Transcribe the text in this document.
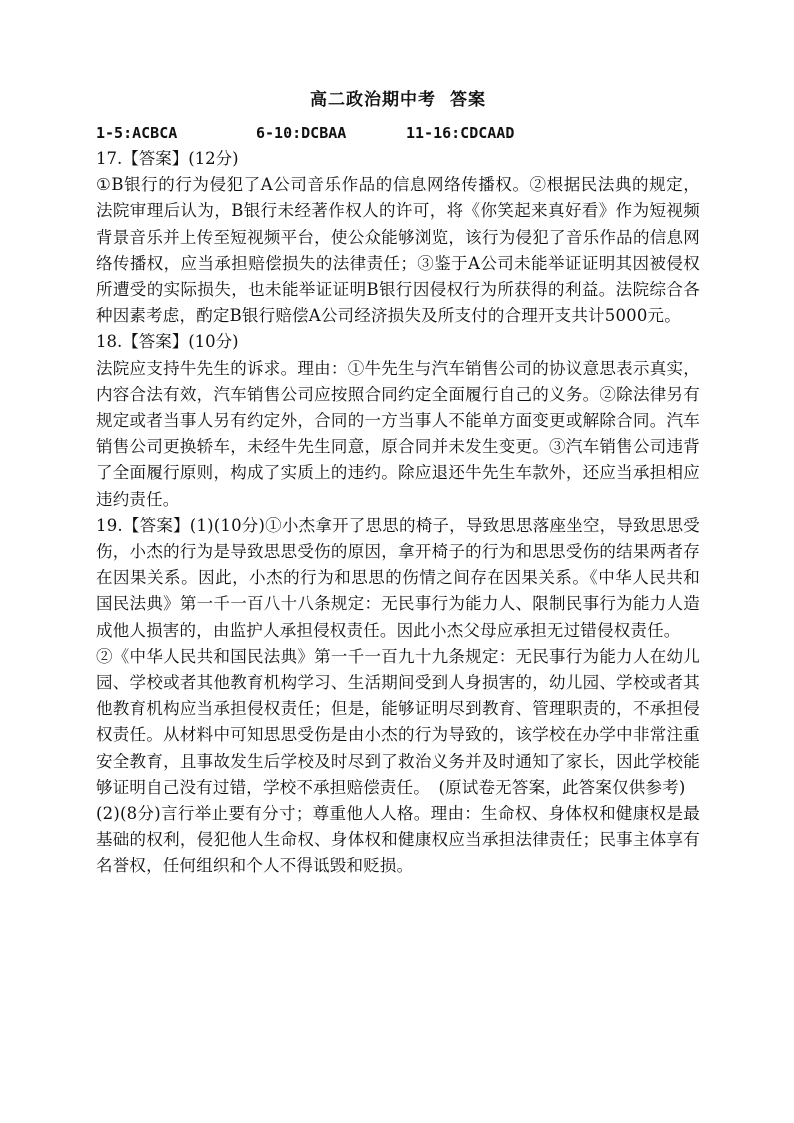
高二政治期中考 答案
1-5:ACBCA	6-10:DCBAA	11-16:CDCAAD

17.【答案】(12分)

①B银行的行为侵犯了A公司音乐作品的信息网络传播权。②根据民法典的规定，法院审理后认为，B银行未经著作权人的许可，将《你笑起来真好看》作为短视频背景音乐并上传至短视频平台，使公众能够浏览，该行为侵犯了音乐作品的信息网络传播权，应当承担赔偿损失的法律责任；③鉴于A公司未能举证证明其因被侵权所遭受的实际损失，也未能举证证明B银行因侵权行为所获得的利益。法院综合各种因素考虑，酌定B银行赔偿A公司经济损失及所支付的合理开支共计5000元。

18.【答案】(10分)

法院应支持牛先生的诉求。理由：①牛先生与汽车销售公司的协议意思表示真实，内容合法有效，汽车销售公司应按照合同约定全面履行自己的义务。②除法律另有规定或者当事人另有约定外，合同的一方当事人不能单方面变更或解除合同。汽车销售公司更换轿车，未经牛先生同意，原合同并未发生变更。③汽车销售公司违背了全面履行原则，构成了实质上的违约。除应退还牛先生车款外，还应当承担相应违约责任。

19.【答案】(1)(10分)①小杰拿开了思思的椅子，导致思思落座坐空，导致思思受伤，小杰的行为是导致思思受伤的原因，拿开椅子的行为和思思受伤的结果两者存在因果关系。因此，小杰的行为和思思的伤情之间存在因果关系。《中华人民共和国民法典》第一千一百八十八条规定：无民事行为能力人、限制民事行为能力人造成他人损害的，由监护人承担侵权责任。因此小杰父母应承担无过错侵权责任。

②《中华人民共和国民法典》第一千一百九十九条规定：无民事行为能力人在幼儿园、学校或者其他教育机构学习、生活期间受到人身损害的，幼儿园、学校或者其他教育机构应当承担侵权责任；但是，能够证明尽到教育、管理职责的，不承担侵权责任。从材料中可知思思受伤是由小杰的行为导致的，该学校在办学中非常注重安全教育，且事故发生后学校及时尽到了救治义务并及时通知了家长，因此学校能够证明自己没有过错，学校不承担赔偿责任。　(原试卷无答案，此答案仅供参考)

(2)(8分)言行举止要有分寸；尊重他人人格。理由：生命权、身体权和健康权是最基础的权利，侵犯他人生命权、身体权和健康权应当承担法律责任；民事主体享有名誉权，任何组织和个人不得诋毁和贬损。
